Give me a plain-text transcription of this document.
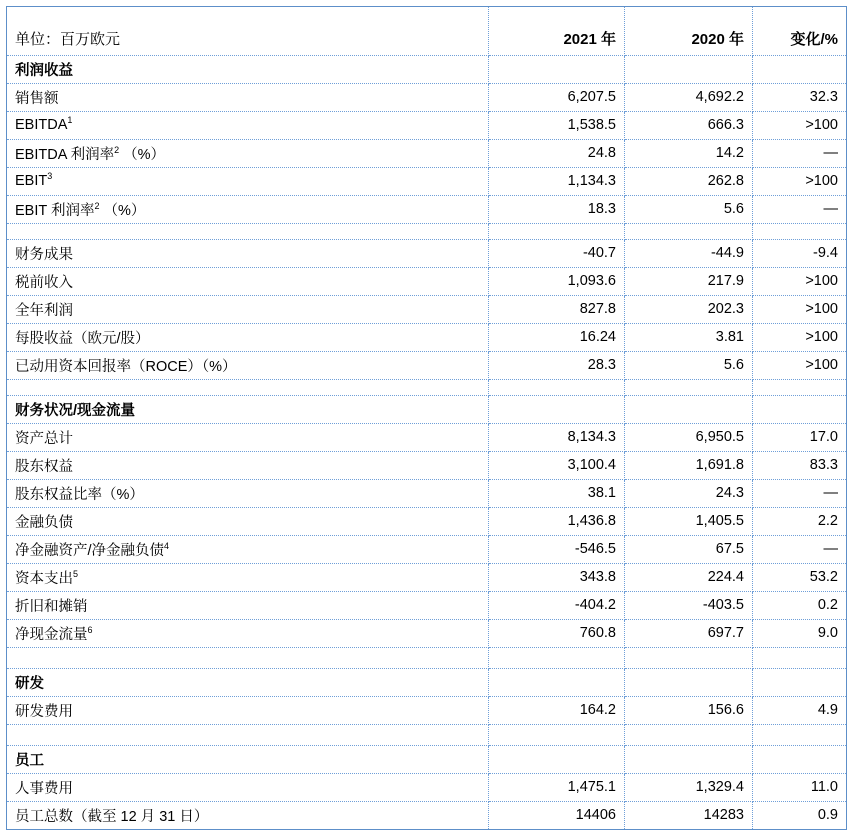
单位：百万欧元	2021 年	2020 年	变化/%
利润收益			
销售额	6,207.5	4,692.2	32.3
EBITDA$^1$	1,538.5	666.3	>100
EBITDA 利润率$^2$ （%）	24.8	14.2	—
EBIT$^3$	1,134.3	262.8	>100
EBIT 利润率$^2$ （%）	18.3	5.6	—

财务成果	-40.7	-44.9	-9.4
税前收入	1,093.6	217.9	>100
全年利润	827.8	202.3	>100
每股收益（欧元/股）	16.24	3.81	>100
已动用资本回报率（ROCE）（%）	28.3	5.6	>100

财务状况/现金流量			
资产总计	8,134.3	6,950.5	17.0
股东权益	3,100.4	1,691.8	83.3
股东权益比率（%）	38.1	24.3	—
金融负债	1,436.8	1,405.5	2.2
净金融资产/净金融负债$^4$	-546.5	67.5	—
资本支出$^5$	343.8	224.4	53.2
折旧和摊销	-404.2	-403.5	0.2
净现金流量$^6$	760.8	697.7	9.0

研发			
研发费用	164.2	156.6	4.9

员工			
人事费用	1,475.1	1,329.4	11.0
员工总数（截至 12 月 31 日）	14406	14283	0.9
